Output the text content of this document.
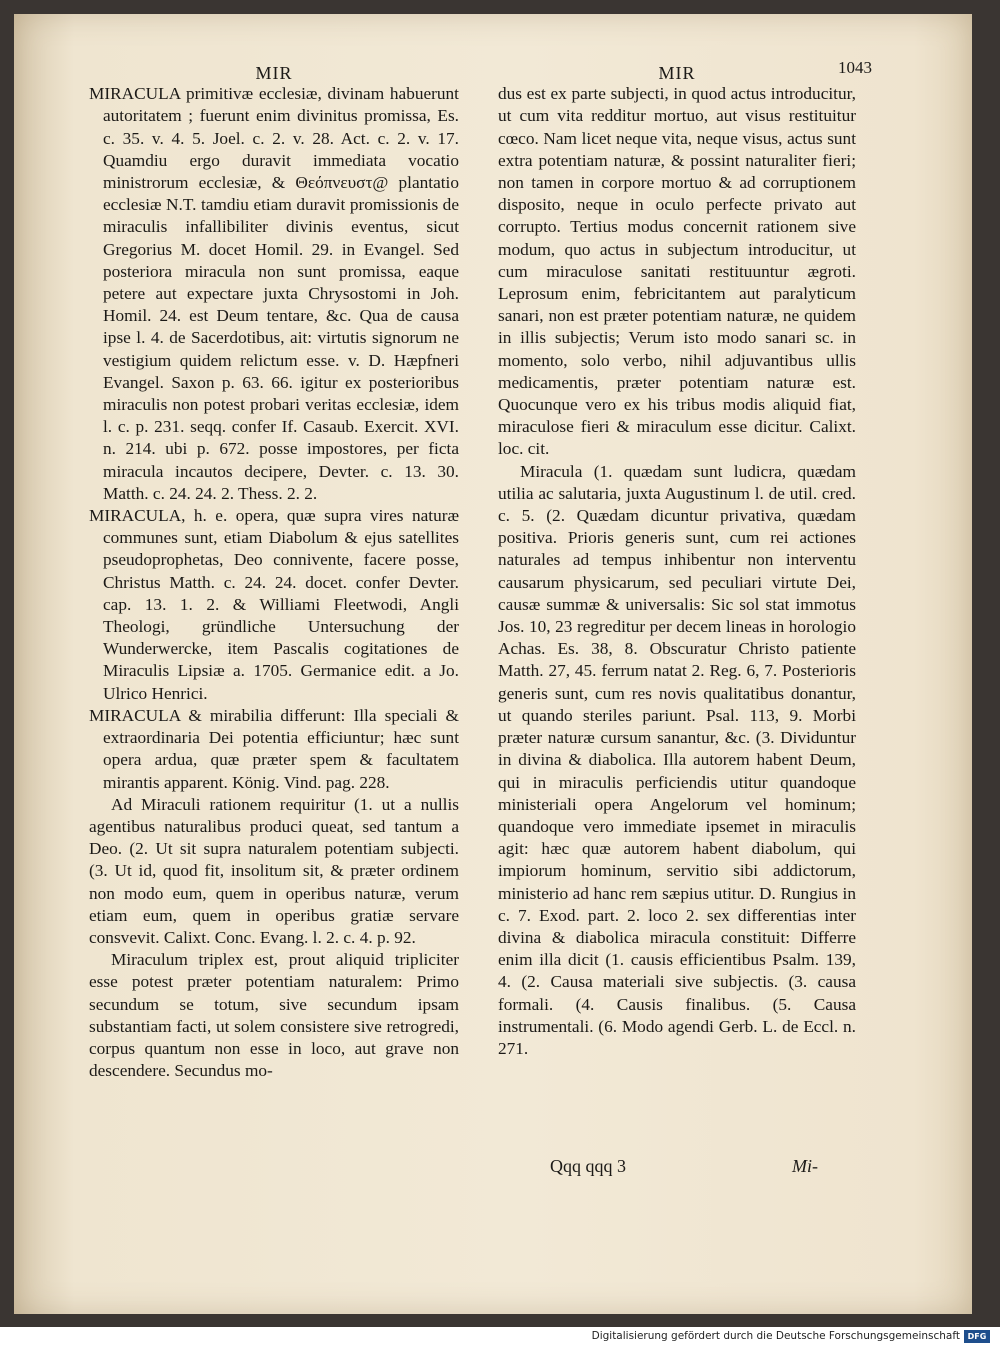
MIR

MIRACULA primitivæ ecclesiæ, divinam habuerunt autoritatem ; fuerunt enim divinitus promissa, Es. c. 35. v. 4. 5. Joel. c. 2. v. 28. Act. c. 2. v. 17. Quamdiu ergo duravit immediata vocatio ministrorum ecclesiæ, & Θεόπνευστ@ plantatio ecclesiæ N.T. tamdiu etiam duravit promissionis de miraculis infallibiliter divinis eventus, sicut Gregorius M. docet Homil. 29. in Evangel. Sed posteriora miracula non sunt promissa, eaque petere aut expectare juxta Chrysostomi in Joh. Homil. 24. est Deum tentare, &c. Qua de causa ipse l. 4. de Sacerdotibus, ait: virtutis signorum ne vestigium quidem relictum esse. v. D. Hæpfneri Evangel. Saxon p. 63. 66. igitur ex posterioribus miraculis non potest probari veritas ecclesiæ, idem l. c. p. 231. seqq. confer If. Casaub. Exercit. XVI. n. 214. ubi p. 672. posse impostores, per ficta miracula incautos decipere, Devter. c. 13. 30. Matth. c. 24. 24. 2. Thess. 2. 2.

MIRACULA, h. e. opera, quæ supra vires naturæ communes sunt, etiam Diabolum & ejus satellites pseudoprophetas, Deo connivente, facere posse, Christus Matth. c. 24. 24. docet. confer Devter. cap. 13. 1. 2. & Williami Fleetwodi, Angli Theologi, gründliche Untersuchung der Wunderwercke, item Pascalis cogitationes de Miraculis Lipsiæ a. 1705. Germanice edit. a Jo. Ulrico Henrici.

MIRACULA & mirabilia differunt: Illa speciali & extraordinaria Dei potentia efficiuntur; hæc sunt opera ardua, quæ præter spem & facultatem mirantis apparent. König. Vind. pag. 228.

Ad Miraculi rationem requiritur (1. ut a nullis agentibus naturalibus produci queat, sed tantum a Deo. (2. Ut sit supra naturalem potentiam subjecti. (3. Ut id, quod fit, insolitum sit, & præter ordinem non modo eum, quem in operibus naturæ, verum etiam eum, quem in operibus gratiæ servare consvevit. Calixt. Conc. Evang. l. 2. c. 4. p. 92.

Miraculum triplex est, prout aliquid tripliciter esse potest præter potentiam naturalem: Primo secundum se totum, sive secundum ipsam substantiam facti, ut solem consistere sive retrogredi, corpus quantum non esse in loco, aut grave non descendere. Secundus mo-

MIR

dus est ex parte subjecti, in quod actus introducitur, ut cum vita redditur mortuo, aut visus restituitur cœco. Nam licet neque vita, neque visus, actus sunt extra potentiam naturæ, & possint naturaliter fieri; non tamen in corpore mortuo & ad corruptionem disposito, neque in oculo perfecte privato aut corrupto. Tertius modus concernit rationem sive modum, quo actus in subjectum introducitur, ut cum miraculose sanitati restituuntur ægroti. Leprosum enim, febricitantem aut paralyticum sanari, non est præter potentiam naturæ, ne quidem in illis subjectis; Verum isto modo sanari sc. in momento, solo verbo, nihil adjuvantibus ullis medicamentis, præter potentiam naturæ est. Quocunque vero ex his tribus modis aliquid fiat, miraculose fieri & miraculum esse dicitur. Calixt. loc. cit.

Miracula (1. quædam sunt ludicra, quædam utilia ac salutaria, juxta Augustinum l. de util. cred. c. 5. (2. Quædam dicuntur privativa, quædam positiva. Prioris generis sunt, cum rei actiones naturales ad tempus inhibentur non interventu causarum physicarum, sed peculiari virtute Dei, causæ summæ & universalis: Sic sol stat immotus Jos. 10, 23 regreditur per decem lineas in horologio Achas. Es. 38, 8. Obscuratur Christo patiente Matth. 27, 45. ferrum natat 2. Reg. 6, 7. Posterioris generis sunt, cum res novis qualitatibus donantur, ut quando steriles pariunt. Psal. 113, 9. Morbi præter naturæ cursum sanantur, &c. (3. Dividuntur in divina & diabolica. Illa autorem habent Deum, qui in miraculis perficiendis utitur quandoque ministeriali opera Angelorum vel hominum; quandoque vero immediate ipsemet in miraculis agit: hæc quæ autorem habent diabolum, qui impiorum hominum, servitio sibi addictorum, ministerio ad hanc rem sæpius utitur. D. Rungius in c. 7. Exod. part. 2. loco 2. sex differentias inter divina & diabolica miracula constituit: Differre enim illa dicit (1. causis efficientibus Psalm. 139, 4. (2. Causa materiali sive subjectis. (3. causa formali. (4. Causis finalibus. (5. Causa instrumentali. (6. Modo agendi Gerb. L. de Eccl. n. 271.

1043
Qqq qqq 3	Mi-
Digitalisierung gefördert durch die Deutsche Forschungsgemeinschaft DFG
